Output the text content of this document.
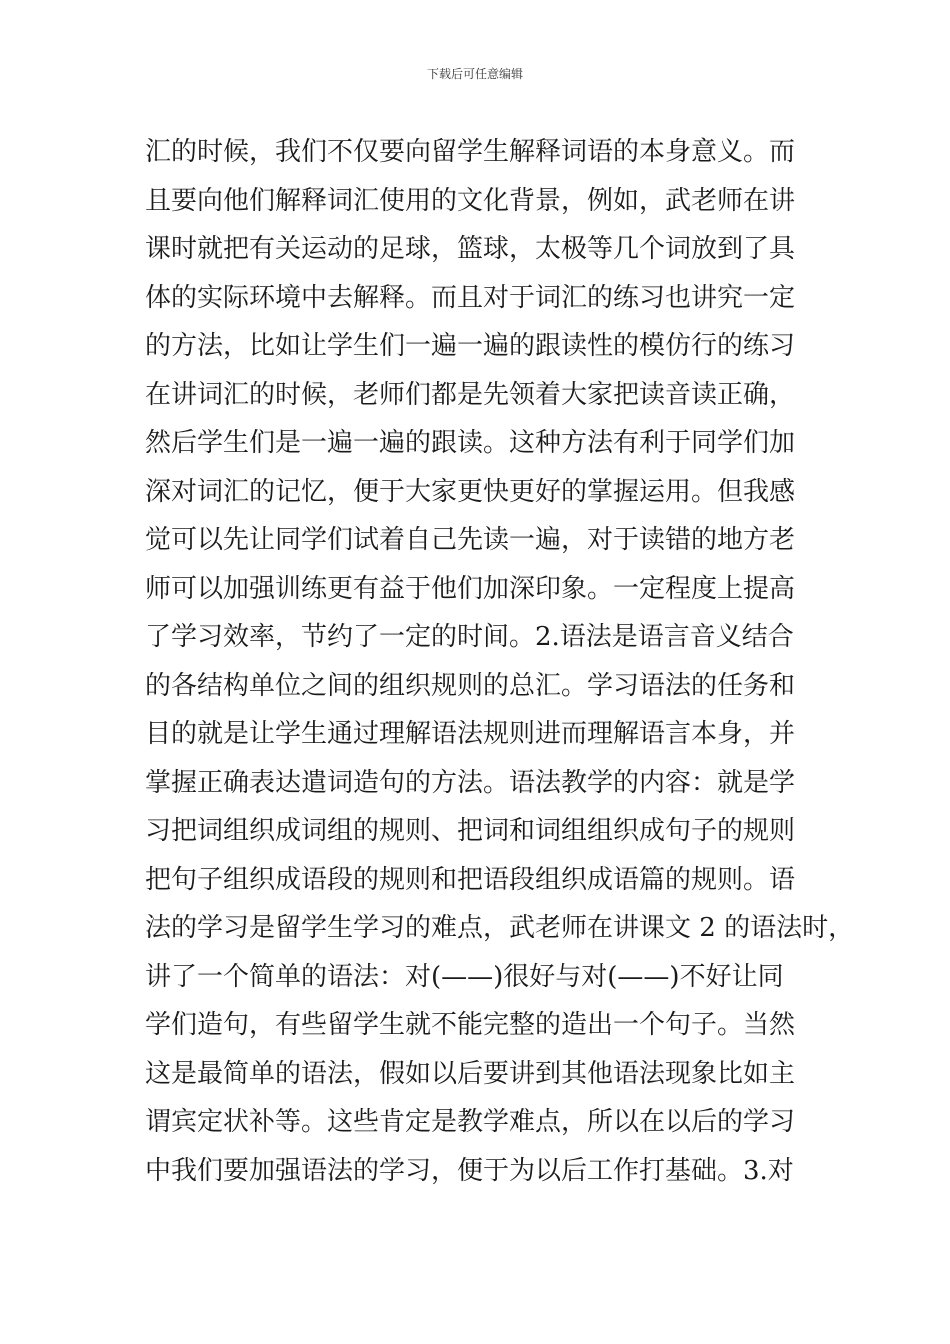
下载后可任意编辑
汇的时候，我们不仅要向留学生解释词语的本身意义。而
且要向他们解释词汇使用的文化背景，例如，武老师在讲
课时就把有关运动的足球，篮球，太极等几个词放到了具
体的实际环境中去解释。而且对于词汇的练习也讲究一定
的方法，比如让学生们一遍一遍的跟读性的模仿行的练习
在讲词汇的时候，老师们都是先领着大家把读音读正确，
然后学生们是一遍一遍的跟读。这种方法有利于同学们加
深对词汇的记忆，便于大家更快更好的掌握运用。但我感
觉可以先让同学们试着自己先读一遍，对于读错的地方老
师可以加强训练更有益于他们加深印象。一定程度上提高
了学习效率，节约了一定的时间。2.语法是语言音义结合
的各结构单位之间的组织规则的总汇。学习语法的任务和
目的就是让学生通过理解语法规则进而理解语言本身，并
掌握正确表达遣词造句的方法。语法教学的内容：就是学
习把词组织成词组的规则、把词和词组组织成句子的规则
把句子组织成语段的规则和把语段组织成语篇的规则。语
法的学习是留学生学习的难点，武老师在讲课文 2 的语法时，
讲了一个简单的语法：对(——)很好与对(——)不好让同
学们造句，有些留学生就不能完整的造出一个句子。当然
这是最简单的语法，假如以后要讲到其他语法现象比如主
谓宾定状补等。这些肯定是教学难点，所以在以后的学习
中我们要加强语法的学习，便于为以后工作打基础。3.对
